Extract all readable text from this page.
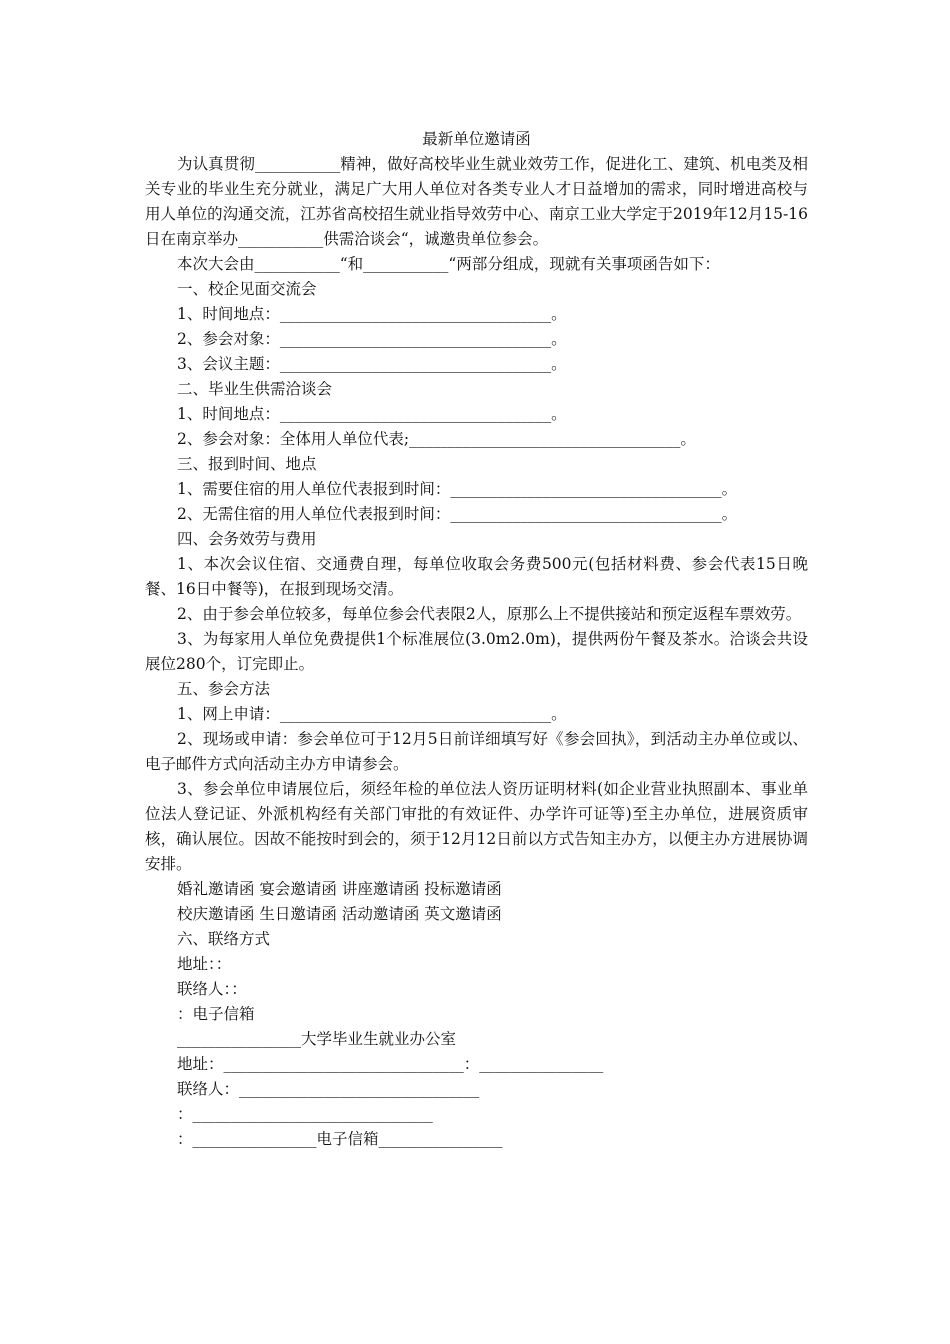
最新单位邀请函

为认真贯彻___________精神，做好高校毕业生就业效劳工作，促进化工、建筑、机电类及相关专业的毕业生充分就业，满足广大用人单位对各类专业人才日益增加的需求，同时增进高校与用人单位的沟通交流，江苏省高校招生就业指导效劳中心、南京工业大学定于2019年12月15-16日在南京举办___________供需洽谈会“，诚邀贵单位参会。

本次大会由___________“和___________“两部分组成，现就有关事项函告如下：

一、校企见面交流会

1、时间地点：___________________________________。

2、参会对象：___________________________________。

3、会议主题：___________________________________。

二、毕业生供需洽谈会

1、时间地点：___________________________________。

2、参会对象：全体用人单位代表;___________________________________。

三、报到时间、地点

1、需要住宿的用人单位代表报到时间：___________________________________。

2、无需住宿的用人单位代表报到时间：___________________________________。

四、会务效劳与费用

1、本次会议住宿、交通费自理，每单位收取会务费500元(包括材料费、参会代表15日晚餐、16日中餐等)，在报到现场交清。

2、由于参会单位较多，每单位参会代表限2人，原那么上不提供接站和预定返程车票效劳。

3、为每家用人单位免费提供1个标准展位(3.0m2.0m)，提供两份午餐及茶水。洽谈会共设展位280个，订完即止。

五、参会方法

1、网上申请：___________________________________。

2、现场或申请：参会单位可于12月5日前详细填写好《参会回执》，到活动主办单位或以、电子邮件方式向活动主办方申请参会。

3、参会单位申请展位后，须经年检的单位法人资历证明材料(如企业营业执照副本、事业单位法人登记证、外派机构经有关部门审批的有效证件、办学许可证等)至主办单位，进展资质审核，确认展位。因故不能按时到会的，须于12月12日前以方式告知主办方，以便主办方进展协调安排。

婚礼邀请函 宴会邀请函 讲座邀请函 投标邀请函

校庆邀请函 生日邀请函 活动邀请函 英文邀请函

六、联络方式

地址：：

联络人：：

：电子信箱

________________大学毕业生就业办公室

地址：_______________________________：________________

联络人：_______________________________

：_______________________________

：________________电子信箱________________
